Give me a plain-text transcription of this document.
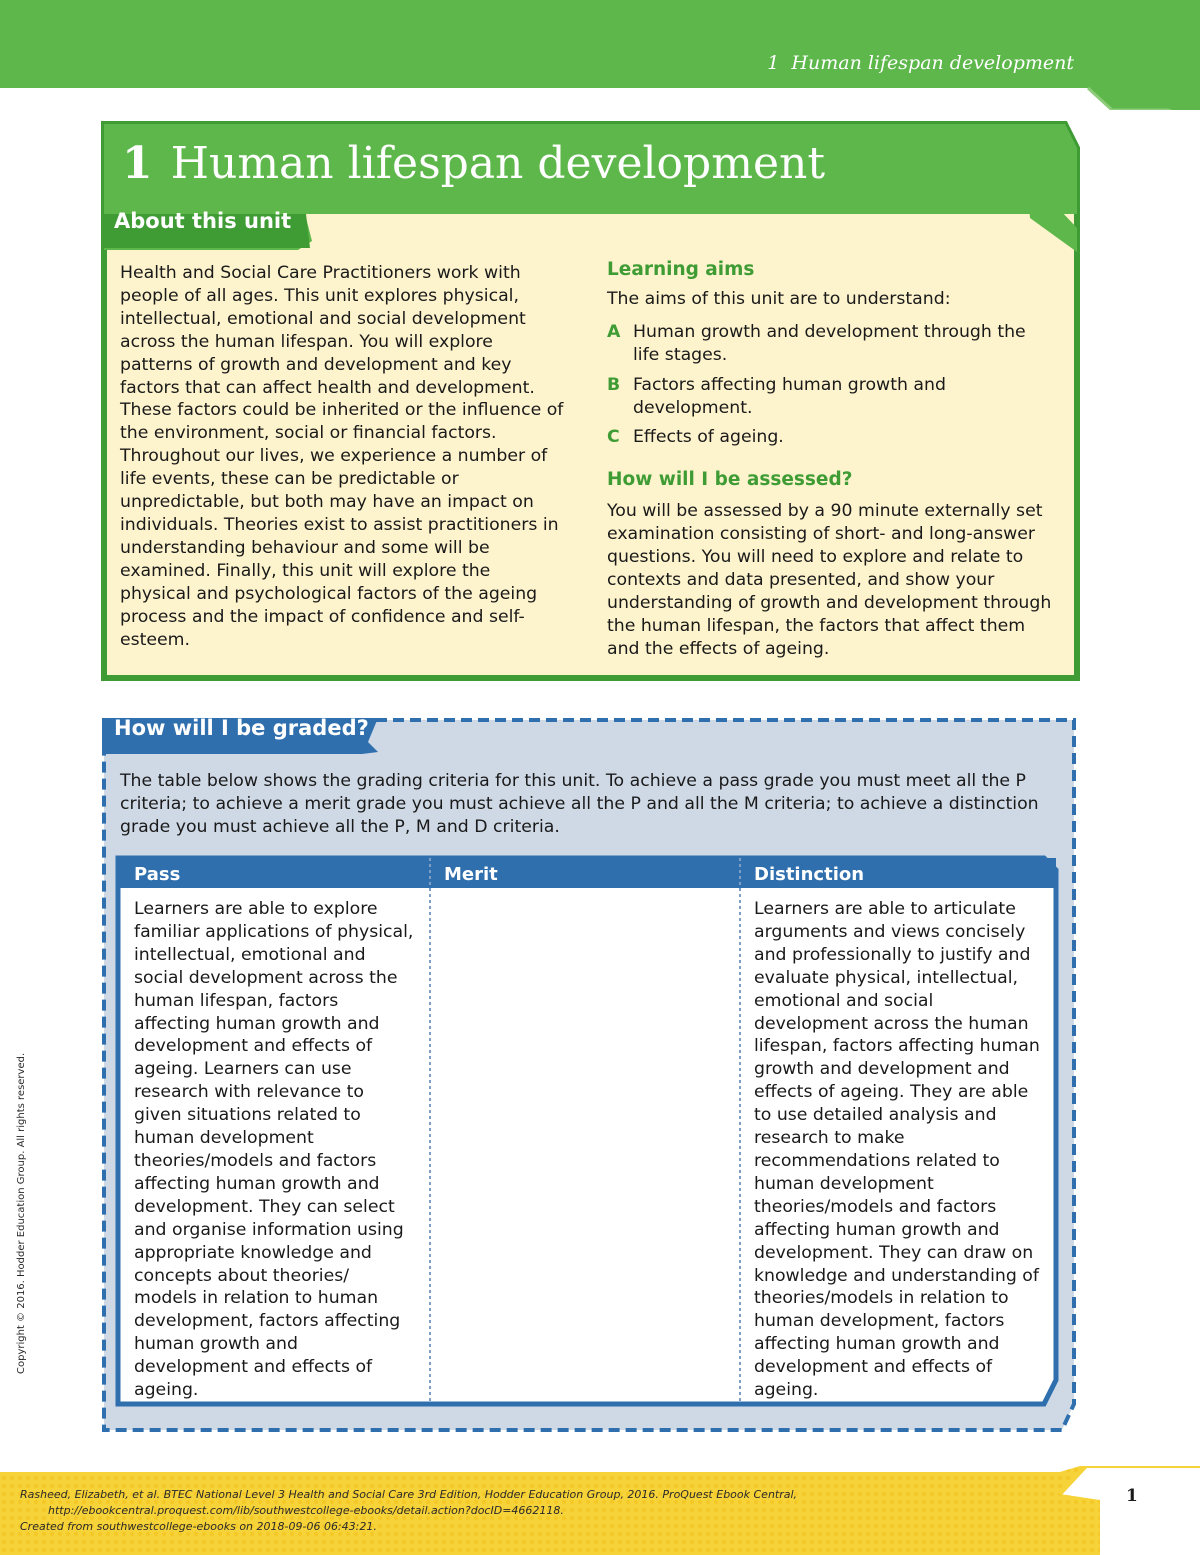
1 Human lifespan development
1 Human lifespan development
About this unit
Health and Social Care Practitioners work with people of all ages. This unit explores physical, intellectual, emotional and social development across the human lifespan. You will explore patterns of growth and development and key factors that can affect health and development. These factors could be inherited or the influence of the environment, social or financial factors. Throughout our lives, we experience a number of life events, these can be predictable or unpredictable, but both may have an impact on individuals. Theories exist to assist practitioners in understanding behaviour and some will be examined. Finally, this unit will explore the physical and psychological factors of the ageing process and the impact of confidence and self-esteem.
Learning aims
The aims of this unit are to understand:
A Human growth and development through the life stages.
B Factors affecting human growth and development.
C Effects of ageing.
How will I be assessed?
You will be assessed by a 90 minute externally set examination consisting of short- and long-answer questions. You will need to explore and relate to contexts and data presented, and show your understanding of growth and development through the human lifespan, the factors that affect them and the effects of ageing.
How will I be graded?
The table below shows the grading criteria for this unit. To achieve a pass grade you must meet all the P criteria; to achieve a merit grade you must achieve all the P and all the M criteria; to achieve a distinction grade you must achieve all the P, M and D criteria.
Pass	Merit	Distinction
Learners are able to explore familiar applications of physical, intellectual, emotional and social development across the human lifespan, factors affecting human growth and development and effects of ageing. Learners can use research with relevance to given situations related to human development theories/models and factors affecting human growth and development. They can select and organise information using appropriate knowledge and concepts about theories/ models in relation to human development, factors affecting human growth and development and effects of ageing.
Learners are able to articulate arguments and views concisely and professionally to justify and evaluate physical, intellectual, emotional and social development across the human lifespan, factors affecting human growth and development and effects of ageing. They are able to use detailed analysis and research to make recommendations related to human development theories/models and factors affecting human growth and development. They can draw on knowledge and understanding of theories/models in relation to human development, factors affecting human growth and development and effects of ageing.
Rasheed, Elizabeth, et al. BTEC National Level 3 Health and Social Care 3rd Edition, Hodder Education Group, 2016. ProQuest Ebook Central,
http://ebookcentral.proquest.com/lib/southwestcollege-ebooks/detail.action?docID=4662118.
Created from southwestcollege-ebooks on 2018-09-06 06:43:21.
1
Copyright © 2016. Hodder Education Group. All rights reserved.
